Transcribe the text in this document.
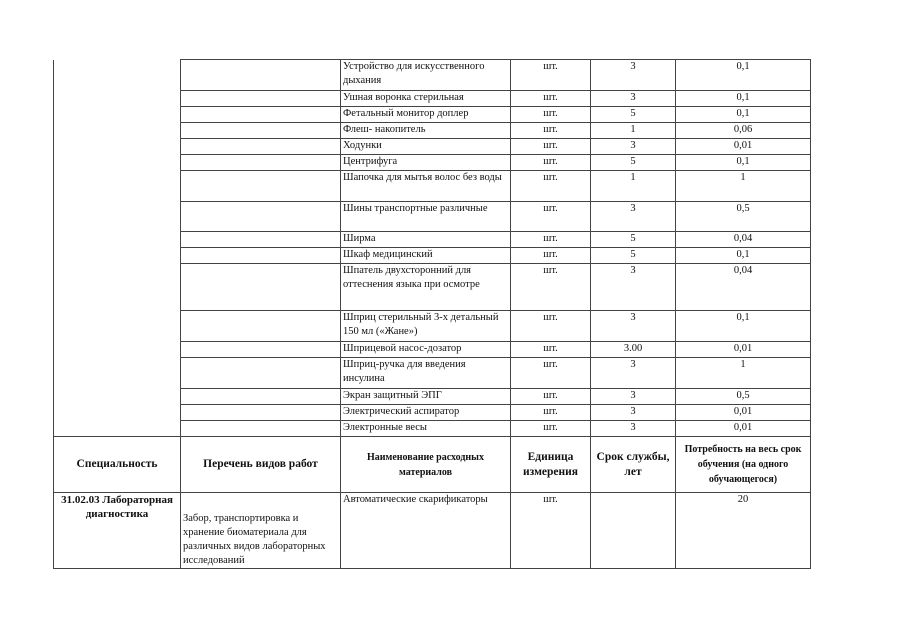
		Устройство для искусственного дыхания	шт.	3	0,1
		Ушная воронка стерильная	шт.	3	0,1
		Фетальный монитор доплер	шт.	5	0,1
		Флеш- накопитель	шт.	1	0,06
		Ходунки	шт.	3	0,01
		Центрифуга	шт.	5	0,1
		Шапочка для мытья волос без воды	шт.	1	1
		Шины транспортные различные	шт.	3	0,5
		Ширма	шт.	5	0,04
		Шкаф медицинский	шт.	5	0,1
		Шпатель двухсторонний для оттеснения языка при осмотре	шт.	3	0,04
		Шприц стерильный 3-х детальный 150 мл («Жане»)	шт.	3	0,1
		Шприцевой насос-дозатор	шт.	3.00	0,01
		Шприц-ручка для введения инсулина	шт.	3	1
		Экран защитный ЭПГ	шт.	3	0,5
		Электрический аспиратор	шт.	3	0,01
		Электронные весы	шт.	3	0,01
Специальность	Перечень видов работ	Наименование расходных материалов	Единица измерения	Срок службы, лет	Потребность на весь срок обучения (на одного обучающегося)
31.02.03 Лабораторная диагностика	Забор, транспортировка и хранение биоматериала для различных видов лабораторных исследований	Автоматические скарификаторы	шт.		20
